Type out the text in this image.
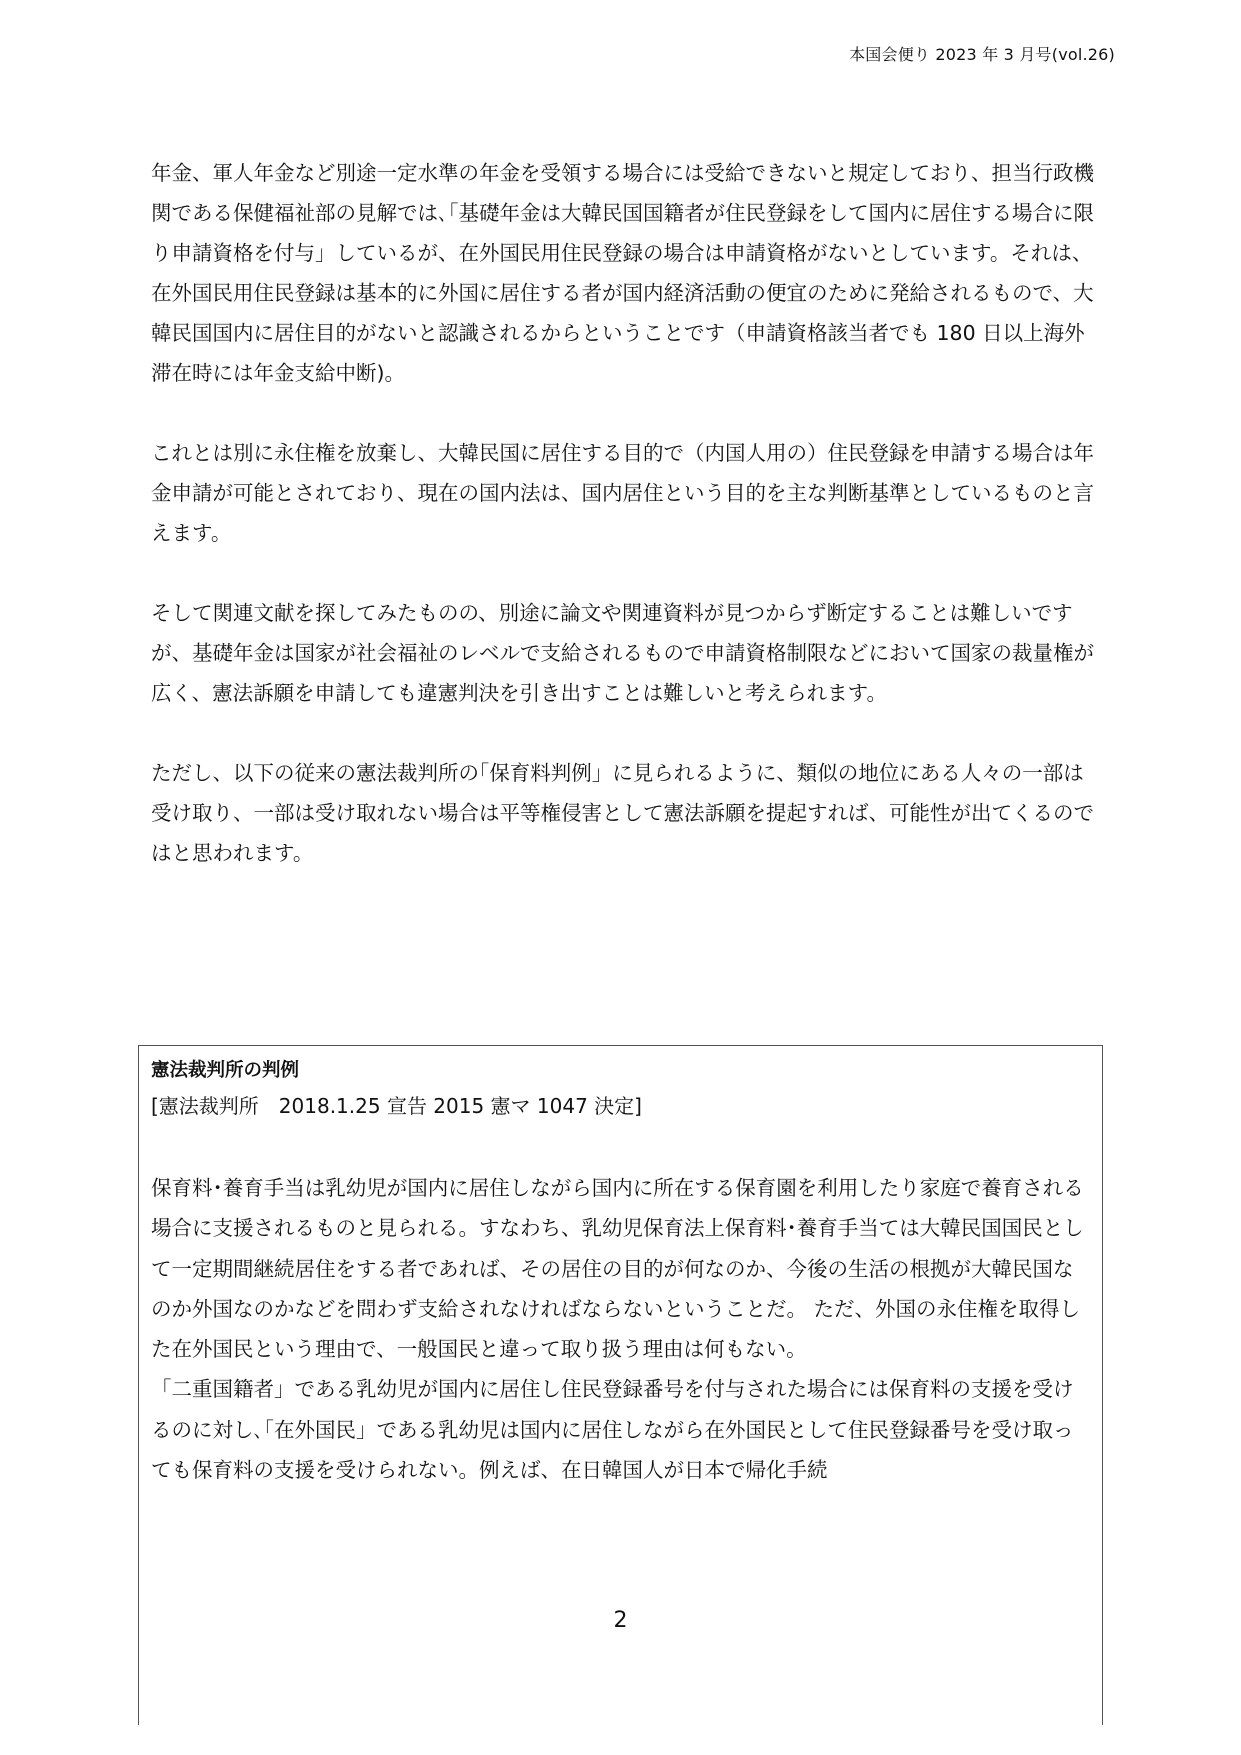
本国会便り 2023 年 3 月号(vol.26)

年金、軍人年金など別途一定水準の年金を受領する場合には受給できないと規定しており、担当行政機関である保健福祉部の見解では､｢基礎年金は大韓民国国籍者が住民登録をして国内に居住する場合に限り申請資格を付与」しているが、在外国民用住民登録の場合は申請資格がないとしています。それは、在外国民用住民登録は基本的に外国に居住する者が国内経済活動の便宜のために発給されるもので、大韓民国国内に居住目的がないと認識されるからということです（申請資格該当者でも 180 日以上海外滞在時には年金支給中断)。

これとは別に永住権を放棄し、大韓民国に居住する目的で（内国人用の）住民登録を申請する場合は年金申請が可能とされており、現在の国内法は、国内居住という目的を主な判断基準としているものと言えます。

そして関連文献を探してみたものの、別途に論文や関連資料が見つからず断定することは難しいですが、基礎年金は国家が社会福祉のレベルで支給されるもので申請資格制限などにおいて国家の裁量権が広く、憲法訴願を申請しても違憲判決を引き出すことは難しいと考えられます。

ただし、以下の従来の憲法裁判所の｢保育料判例」に見られるように、類似の地位にある人々の一部は受け取り、一部は受け取れない場合は平等権侵害として憲法訴願を提起すれば、可能性が出てくるのではと思われます。

憲法裁判所の判例

[憲法裁判所　2018.1.25 宣告 2015 憲マ 1047 決定]

保育料･養育手当は乳幼児が国内に居住しながら国内に所在する保育園を利用したり家庭で養育される場合に支援されるものと見られる。すなわち、乳幼児保育法上保育料･養育手当ては大韓民国国民として一定期間継続居住をする者であれば、その居住の目的が何なのか、今後の生活の根拠が大韓民国なのか外国なのかなどを問わず支給されなければならないということだ。 ただ、外国の永住権を取得した在外国民という理由で、一般国民と違って取り扱う理由は何もない。

「二重国籍者」である乳幼児が国内に居住し住民登録番号を付与された場合には保育料の支援を受けるのに対し､｢在外国民」である乳幼児は国内に居住しながら在外国民として住民登録番号を受け取っても保育料の支援を受けられない。例えば、在日韓国人が日本で帰化手続

2
